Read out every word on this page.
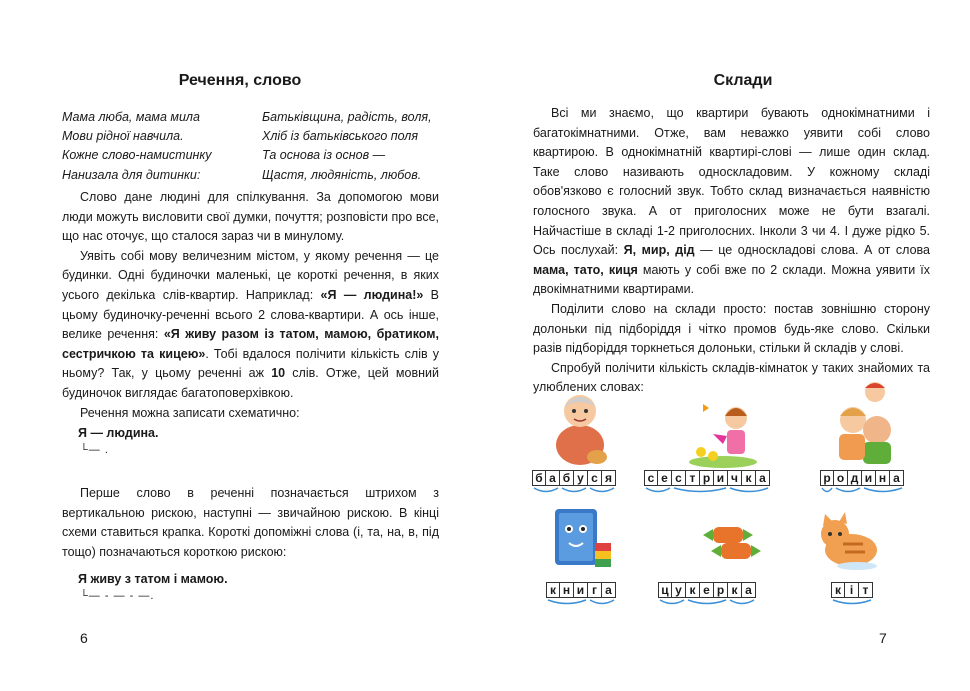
Речення, слово
Мама люба, мама мила
Мови рідної навчила.
Кожне слово-намистинку
Нанизала для дитинки:
Батьківщина, радість, воля,
Хліб із батьківського поля
Та основа із основ —
Щастя, людяність, любов.

Слово дане людині для спілкування. За допомогою мови люди можуть висловити свої думки, почуття; розповісти про все, що нас оточує, що сталося зараз чи в минулому.

Уявіть собі мову величезним містом, у якому речення — це будинки. Одні будиночки маленькі, це короткі речення, в яких усього декілька слів-квартир. Наприклад: «Я — людина!» В цьому будиночку-реченні всього 2 слова-квартири. А ось інше, велике речення: «Я живу разом із татом, мамою, братиком, сестричкою та кицею». Тобі вдалося полічити кількість слів у ньому? Так, у цьому реченні аж 10 слів. Отже, цей мовний будиночок виглядає багатоповерхівкою.

Речення можна записати схематично:

Я — людина.
└— .

Перше слово в реченні позначається штрихом з вертикальною рискою, наступні — звичайною рискою. В кінці схеми ставиться крапка. Короткі допоміжні слова (і, та, на, в, під тощо) позначаються короткою рискою:

Я живу з татом і мамою.
└— - — - —.
6
Склади

Всі ми знаємо, що квартири бувають однокімнатними і багатокімнатними. Отже, вам неважко уявити собі слово квартирою. В однокімнатній квартирі-слові — лише один склад. Таке слово називають односкладовим. У кожному складі обов'язково є голосний звук. Тобто склад визначається наявністю голосного звука. А от приголосних може не бути взагалі. Найчастіше в складі 1-2 приголосних. Інколи 3 чи 4. І дуже рідко 5. Ось послухай: Я, мир, дід — це односкладові слова. А от слова мама, тато, киця мають у собі вже по 2 склади. Можна уявити їх двокімнатними квартирами.

Поділити слово на склади просто: постав зовнішню сторону долоньки під підборіддя і чітко промов будь-яке слово. Скільки разів підборіддя торкнеться долоньки, стільки й складів у слові.

Спробуй полічити кількість складів-кімнаток у таких знайомих та улюблених словах:

б а б у с я	с е с т р и ч к а	р о д и н а
к н и г а	ц у к е р к а	к і т
7
